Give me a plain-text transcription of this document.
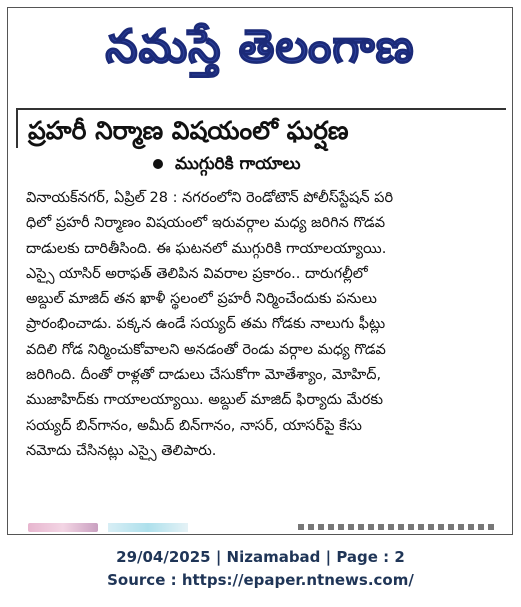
నమస్తే తెలంగాణ
ప్రహరీ నిర్మాణ విషయంలో ఘర్షణ
ముగ్గురికి గాయాలు
వినాయక్‌నగర్, ఏప్రిల్ 28 : నగరంలోని రెండోటౌన్ పోలీస్‌స్టేషన్ పరి
ధిలో ప్రహరీ నిర్మాణం విషయంలో ఇరువర్గాల మధ్య జరిగిన గొడవ
దాడులకు దారితీసింది. ఈ ఘటనలో ముగ్గురికి గాయాలయ్యాయి.
ఎస్సై యాసిర్ అరాఫత్ తెలిపిన వివరాల ప్రకారం.. దారుగల్లీలో
అబ్దుల్ మాజిద్ తన ఖాళీ స్థలంలో ప్రహరీ నిర్మించేందుకు పనులు
ప్రారంభించాడు. పక్కన ఉండే సయ్యద్ తమ గోడకు నాలుగు ఫీట్లు
వదిలి గోడ నిర్మించుకోవాలని అనడంతో రెండు వర్గాల మధ్య గొడవ
జరిగింది. దీంతో రాళ్లతో దాడులు చేసుకోగా మోతేశ్యాం, మోహిద్,
ముజాహిద్‌కు గాయాలయ్యాయి. అబ్దుల్ మాజిద్ ఫిర్యాదు మేరకు
సయ్యద్ బిన్‌గానం, అమీద్ బిన్‌గానం, నాసర్, యాసర్‌పై కేసు
నమోదు చేసినట్లు ఎస్సై తెలిపారు.
29/04/2025 | Nizamabad | Page : 2
Source : https://epaper.ntnews.com/
